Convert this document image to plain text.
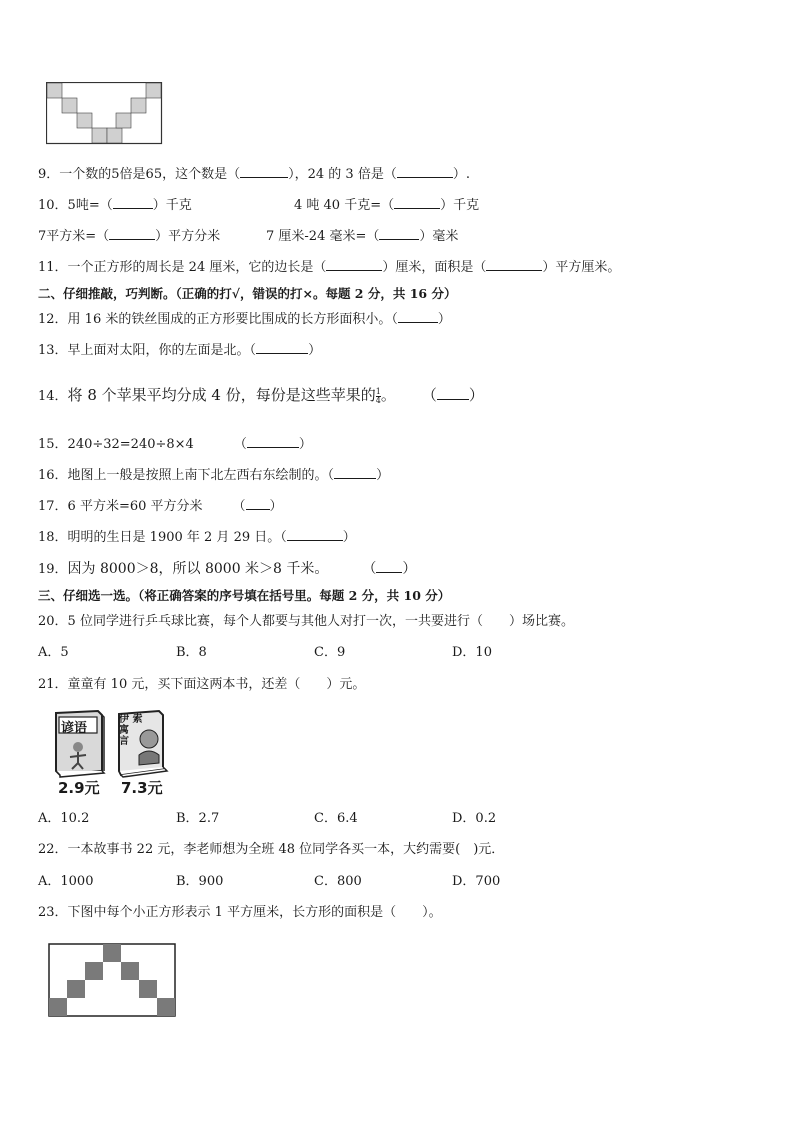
9．一个数的5倍是65，这个数是（	），24 的 3 倍是（	）.
10．5吨=（	）千克	4 吨 40 千克=（	）千克
7平方米=（	）平方分米	7 厘米-24 毫米=（	）毫米
11．一个正方形的周长是 24 厘米，它的边长是（	）厘米，面积是（	）平方厘米。
二、仔细推敲，巧判断。（正确的打√，错误的打×。每题 2 分，共 16 分）
12．用 16 米的铁丝围成的正方形要比围成的长方形面积小。（	）
13．早上面对太阳，你的左面是北。（	）
14．将 8 个苹果平均分成 4 份，每份是这些苹果的 $\frac{1}{4}$ 。 （ ）
15．240÷32=240÷8×4	（	）
16．地图上一般是按照上南下北左西右东绘制的。（	）
17．6 平方米=60 平方分米 （ ）
18．明明的生日是 1900 年 2 月 29 日。（	）
19．因为 8000＞8，所以 8000 米＞8 千米。 （ ）
三、仔细选一选。（将正确答案的序号填在括号里。每题 2 分，共 10 分）
20．5 位同学进行乒乓球比赛，每个人都要与其他人对打一次，一共要进行（　　）场比赛。
A．5	B．8	C．9	D．10
21．童童有 10 元，买下面这两本书，还差（　　）元。
谚语
2.9元
伊 索
寓
言
7.3元
A．10.2	B．2.7	C．6.4	D．0.2
22．一本故事书 22 元，李老师想为全班 48 位同学各买一本，大约需要(　)元．
A．1000	B．900	C．800	D．700
23．下图中每个小正方形表示 1 平方厘米，长方形的面积是（　　）。
